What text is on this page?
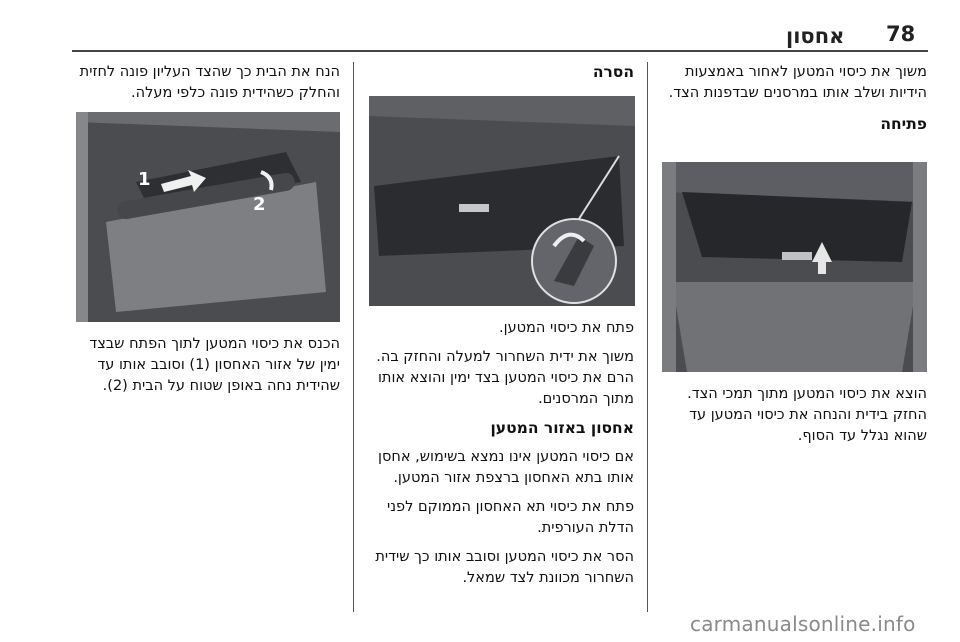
78
אחסון

משוך את כיסוי המטען לאחור באמצעות הידיות ושלב אותו במרסנים שבדפנות הצד.

פתיחה

הוצא את כיסוי המטען מתוך תמכי הצד. החזק בידית והנחה את כיסוי המטען עד שהוא נגלל עד הסוף.

הסרה

פתח את כיסוי המטען.

משוך את ידית השחרור למעלה והחזק בה. הרם את כיסוי המטען בצד ימין והוצא אותו מתוך המרסנים.

אחסון באזור המטען

אם כיסוי המטען אינו נמצא בשימוש, אחסן אותו בתא האחסון ברצפת אזור המטען.

פתח את כיסוי תא האחסון הממוקם לפני הדלת העורפית.

הסר את כיסוי המטען וסובב אותו כך שידית השחרור מכוונת לצד שמאל.

הנח את הבית כך שהצד העליון פונה לחזית והחלק כשהידית פונה כלפי מעלה.

1
2

הכנס את כיסוי המטען לתוך הפתח שבצד ימין של אזור האחסון (1) וסובב אותו עד שהידית נחה באופן שטוח על הבית (2).

carmanualsonline.info
